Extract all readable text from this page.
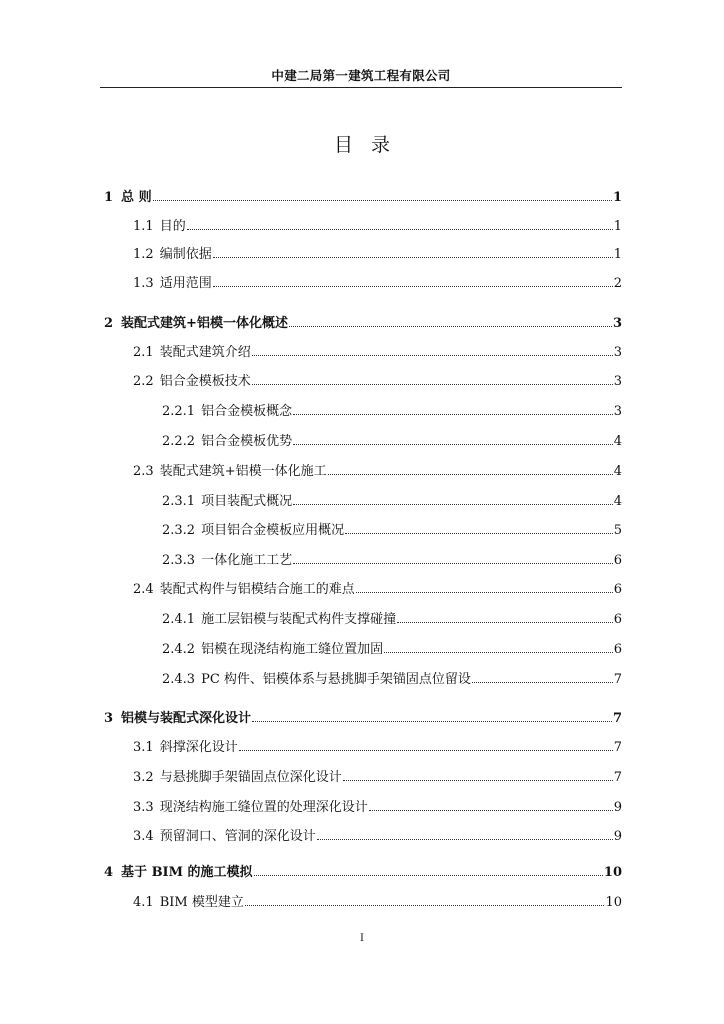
中建二局第一建筑工程有限公司
目录
1 总 则	1
1.1 目的	1
1.2 编制依据	1
1.3 适用范围	2
2 装配式建筑+铝模一体化概述	3
2.1 装配式建筑介绍	3
2.2 铝合金模板技术	3
2.2.1 铝合金模板概念	3
2.2.2 铝合金模板优势	4
2.3 装配式建筑+铝模一体化施工	4
2.3.1 项目装配式概况	4
2.3.2 项目铝合金模板应用概况	5
2.3.3 一体化施工工艺	6
2.4 装配式构件与铝模结合施工的难点	6
2.4.1 施工层铝模与装配式构件支撑碰撞	6
2.4.2 铝模在现浇结构施工缝位置加固	6
2.4.3 PC 构件、铝模体系与悬挑脚手架锚固点位留设	7
3 铝模与装配式深化设计	7
3.1 斜撑深化设计	7
3.2 与悬挑脚手架锚固点位深化设计	7
3.3 现浇结构施工缝位置的处理深化设计	9
3.4 预留洞口、管洞的深化设计	9
4 基于 BIM 的施工模拟	10
4.1 BIM 模型建立	10
I
